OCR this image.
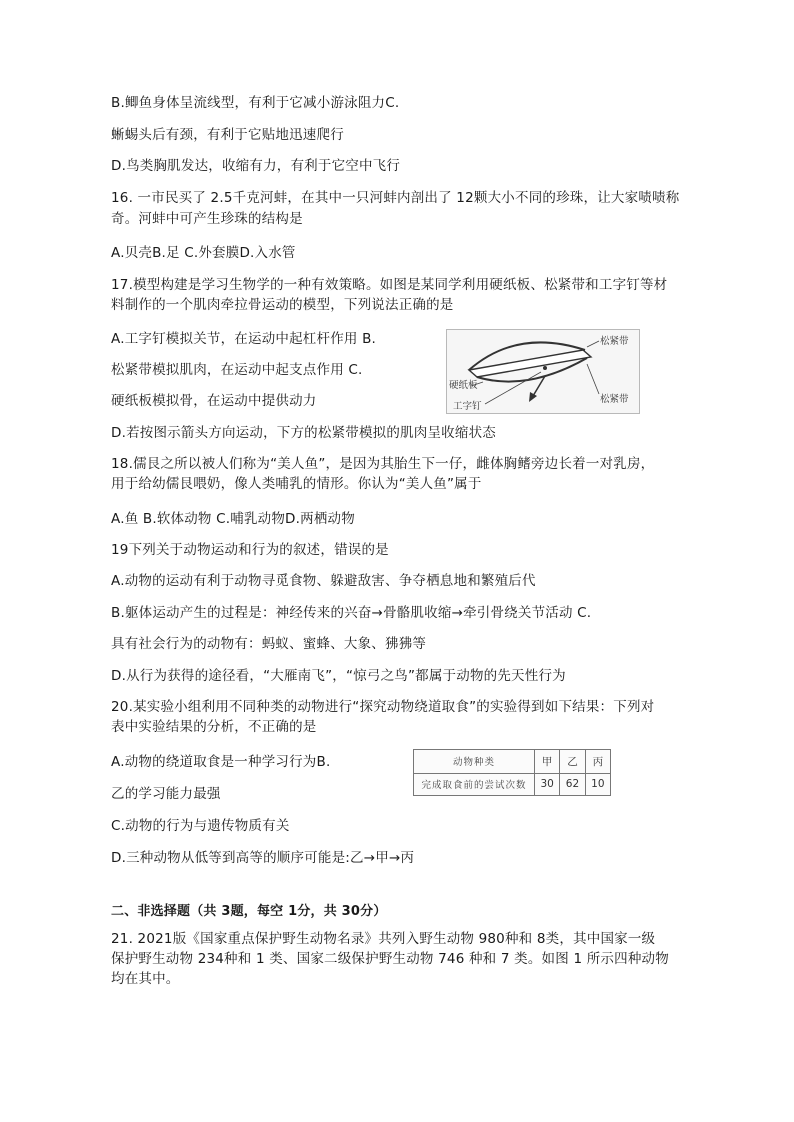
B.鲫鱼身体呈流线型，有利于它减小游泳阻力C.

蜥蜴头后有颈，有利于它贴地迅速爬行

D.鸟类胸肌发达，收缩有力，有利于它空中飞行

16. 一市民买了 2.5千克河蚌，在其中一只河蚌内剖出了 12颗大小不同的珍珠，让大家啧啧称

奇。河蚌中可产生珍珠的结构是

A.贝壳B.足 C.外套膜D.入水管

17.模型构建是学习生物学的一种有效策略。如图是某同学利用硬纸板、松紧带和工字钉等材

料制作的一个肌肉牵拉骨运动的模型，下列说法正确的是

A.工字钉模拟关节，在运动中起杠杆作用 B.

松紧带模拟肌肉，在运动中起支点作用 C.

硬纸板模拟骨，在运动中提供动力

D.若按图示箭头方向运动，下方的松紧带模拟的肌肉呈收缩状态

松紧带
硬纸板
松紧带
工字钉

18.儒艮之所以被人们称为“美人鱼”，是因为其胎生下一仔，雌体胸鳍旁边长着一对乳房，

用于给幼儒艮喂奶，像人类哺乳的情形。你认为“美人鱼”属于

A.鱼 B.软体动物 C.哺乳动物D.两栖动物

19下列关于动物运动和行为的叙述，错误的是

A.动物的运动有利于动物寻觅食物、躲避敌害、争夺栖息地和繁殖后代

B.躯体运动产生的过程是：神经传来的兴奋→骨骼肌收缩→牵引骨绕关节活动 C.

具有社会行为的动物有：蚂蚁、蜜蜂、大象、狒狒等

D.从行为获得的途径看，“大雁南飞”，“惊弓之鸟”都属于动物的先天性行为

20.某实验小组利用不同种类的动物进行“探究动物绕道取食”的实验得到如下结果：下列对

表中实验结果的分析，不正确的是

A.动物的绕道取食是一种学习行为B.

乙的学习能力最强

C.动物的行为与遗传物质有关

D.三种动物从低等到高等的顺序可能是:乙→甲→丙

动物种类	甲	乙	丙
完成取食前的尝试次数	30	62	10

二、非选择题（共 3题，每空 1分，共 30分）

21. 2021版《国家重点保护野生动物名录》共列入野生动物 980种和 8类，其中国家一级

保护野生动物 234种和 1 类、国家二级保护野生动物 746 种和 7 类。如图 1 所示四种动物

均在其中。
